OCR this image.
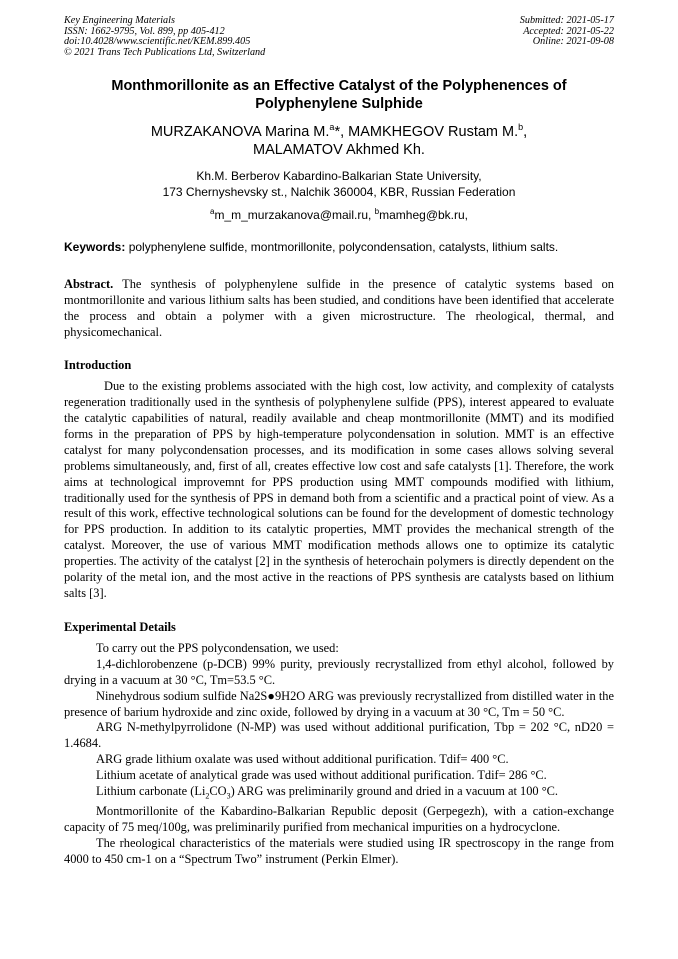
Key Engineering Materials
ISSN: 1662-9795, Vol. 899, pp 405-412
doi:10.4028/www.scientific.net/KEM.899.405
© 2021 Trans Tech Publications Ltd, Switzerland
Submitted: 2021-05-17
Accepted: 2021-05-22
Online: 2021-09-08
Monthmorillonite as an Effective Catalyst of the Polyphenences of Polyphenylene Sulphide
MURZAKANOVA Marina M.$^a$*, MAMKHEGOV Rustam M.$^b$,
MALAMATOV Akhmed Kh.
Kh.M. Berberov Kabardino-Balkarian State University,
173 Chernyshevsky st., Nalchik 360004, KBR, Russian Federation
$^a$m_m_murzakanova@mail.ru, $^b$mamheg@bk.ru,
Keywords: polyphenylene sulfide, montmorillonite, polycondensation, catalysts, lithium salts.
Abstract. The synthesis of polyphenylene sulfide in the presence of catalytic systems based on montmorillonite and various lithium salts has been studied, and conditions have been identified that accelerate the process and obtain a polymer with a given microstructure. The rheological, thermal, and physicomechanical.
Introduction

Due to the existing problems associated with the high cost, low activity, and complexity of catalysts regeneration traditionally used in the synthesis of polyphenylene sulfide (PPS), interest appeared to evaluate the catalytic capabilities of natural, readily available and cheap montmorillonite (MMT) and its modified forms in the preparation of PPS by high-temperature polycondensation in solution. MMT is an effective catalyst for many polycondensation processes, and its modification in some cases allows solving several problems simultaneously, and, first of all, creates effective low cost and safe catalysts [1]. Therefore, the work aims at technological improvemnt for PPS production using MMT compounds modified with lithium, traditionally used for the synthesis of PPS in demand both from a scientific and a practical point of view. As a result of this work, effective technological solutions can be found for the development of domestic technology for PPS production. In addition to its catalytic properties, MMT provides the mechanical strength of the catalyst. Moreover, the use of various MMT modification methods allows one to optimize its catalytic properties. The activity of the catalyst [2] in the synthesis of heterochain polymers is directly dependent on the polarity of the metal ion, and the most active in the reactions of PPS synthesis are catalysts based on lithium salts [3].

Experimental Details

To carry out the PPS polycondensation, we used:

1,4-dichlorobenzene (p-DCB) 99% purity, previously recrystallized from ethyl alcohol, followed by drying in a vacuum at 30 °C, Tm=53.5 °C.

Ninehydrous sodium sulfide Na2S●9H2O ARG was previously recrystallized from distilled water in the presence of barium hydroxide and zinc oxide, followed by drying in a vacuum at 30 °C, Tm = 50 °C.

ARG N-methylpyrrolidone (N-MP) was used without additional purification, Tbp = 202 °C, nD20 = 1.4684.

ARG grade lithium oxalate was used without additional purification. Tdif= 400 °C.

Lithium acetate of analytical grade was used without additional purification. Tdif= 286 °C.

Lithium carbonate $(Li_2CO_3)$ ARG was preliminarily ground and dried in a vacuum at 100 °C.

Montmorillonite of the Kabardino-Balkarian Republic deposit (Gerpegezh), with a cation-exchange capacity of 75 meq/100g, was preliminarily purified from mechanical impurities on a hydrocyclone.

The rheological characteristics of the materials were studied using IR spectroscopy in the range from 4000 to 450 cm-1 on a “Spectrum Two” instrument (Perkin Elmer).
